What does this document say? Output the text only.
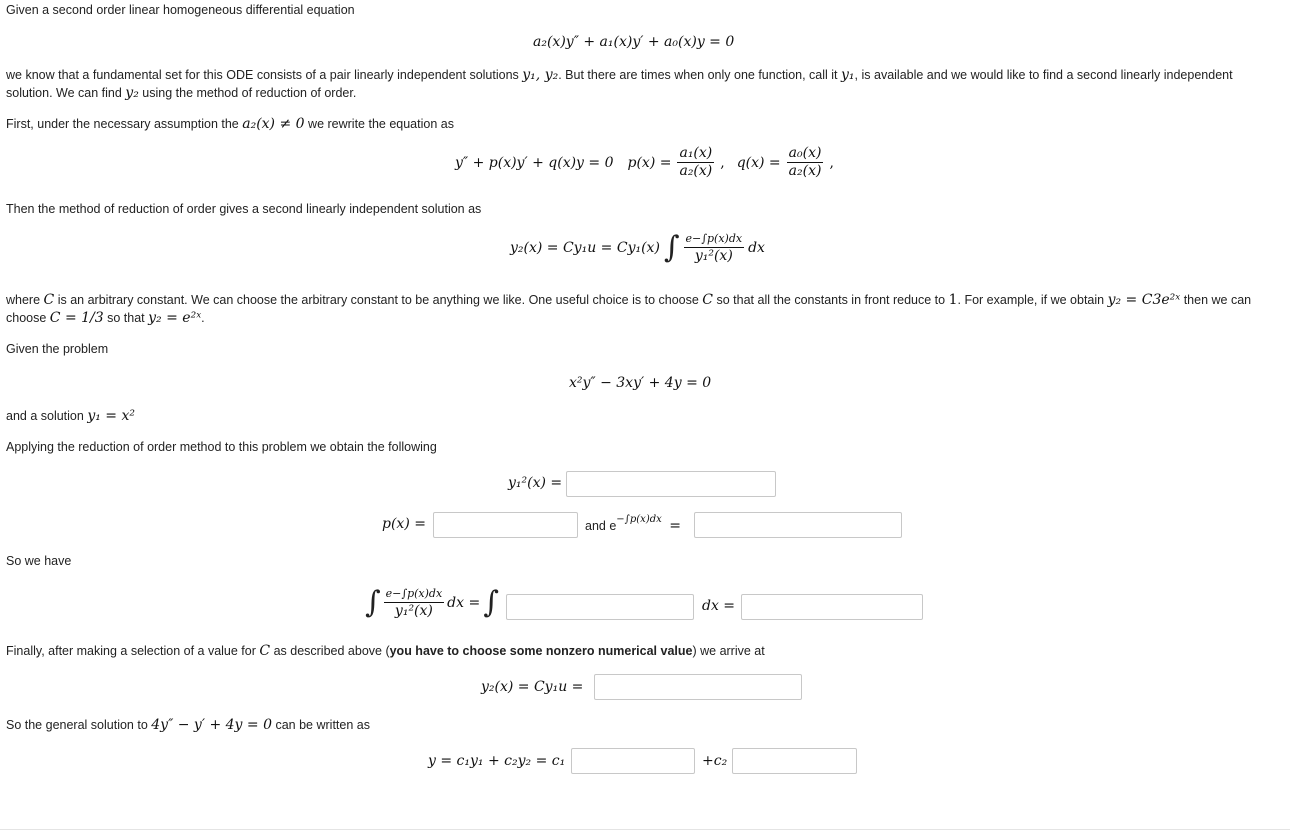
Given a second order linear homogeneous differential equation
a₂(x)y″ + a₁(x)y′ + a₀(x)y = 0
we know that a fundamental set for this ODE consists of a pair linearly independent solutions y₁, y₂. But there are times when only one function, call it y₁, is available and we would like to find a second linearly independent solution. We can find y₂ using the method of reduction of order.
First, under the necessary assumption the a₂(x) ≠ 0 we rewrite the equation as
y″ + p(x)y′ + q(x)y = 0 $p(x) = \frac{\text{a₁(x)}}{\text{a₂(x)}}$ , $q(x) = \frac{\text{a₀(x)}}{\text{a₂(x)}}$ ,
Then the method of reduction of order gives a second linearly independent solution as
y₂(x) = Cy₁u = Cy₁(x) ∫ $\frac{e-\int p(x)dx}{\text{y₁²(x)}}$ dx
where C is an arbitrary constant. We can choose the arbitrary constant to be anything we like. One useful choice is to choose C so that all the constants in front reduce to 1. For example, if we obtain y₂ = C3e²ˣ then we can choose C = 1/3 so that y₂ = e²ˣ.
Given the problem
x²y″ − 3xy′ + 4y = 0
and a solution y₁ = x²
Applying the reduction of order method to this problem we obtain the following
y₁²(x) =
p(x) =	and $e^{-\int p(x)dx}$ =
So we have
∫ $\frac{e-\int p(x)dx}{\text{y₁²(x)}}$ dx = ∫	dx =
Finally, after making a selection of a value for C as described above (you have to choose some nonzero numerical value) we arrive at
y₂(x) = Cy₁u =
So the general solution to 4y″ − y′ + 4y = 0 can be written as
y = c₁y₁ + c₂y₂ = c₁	+c₂
